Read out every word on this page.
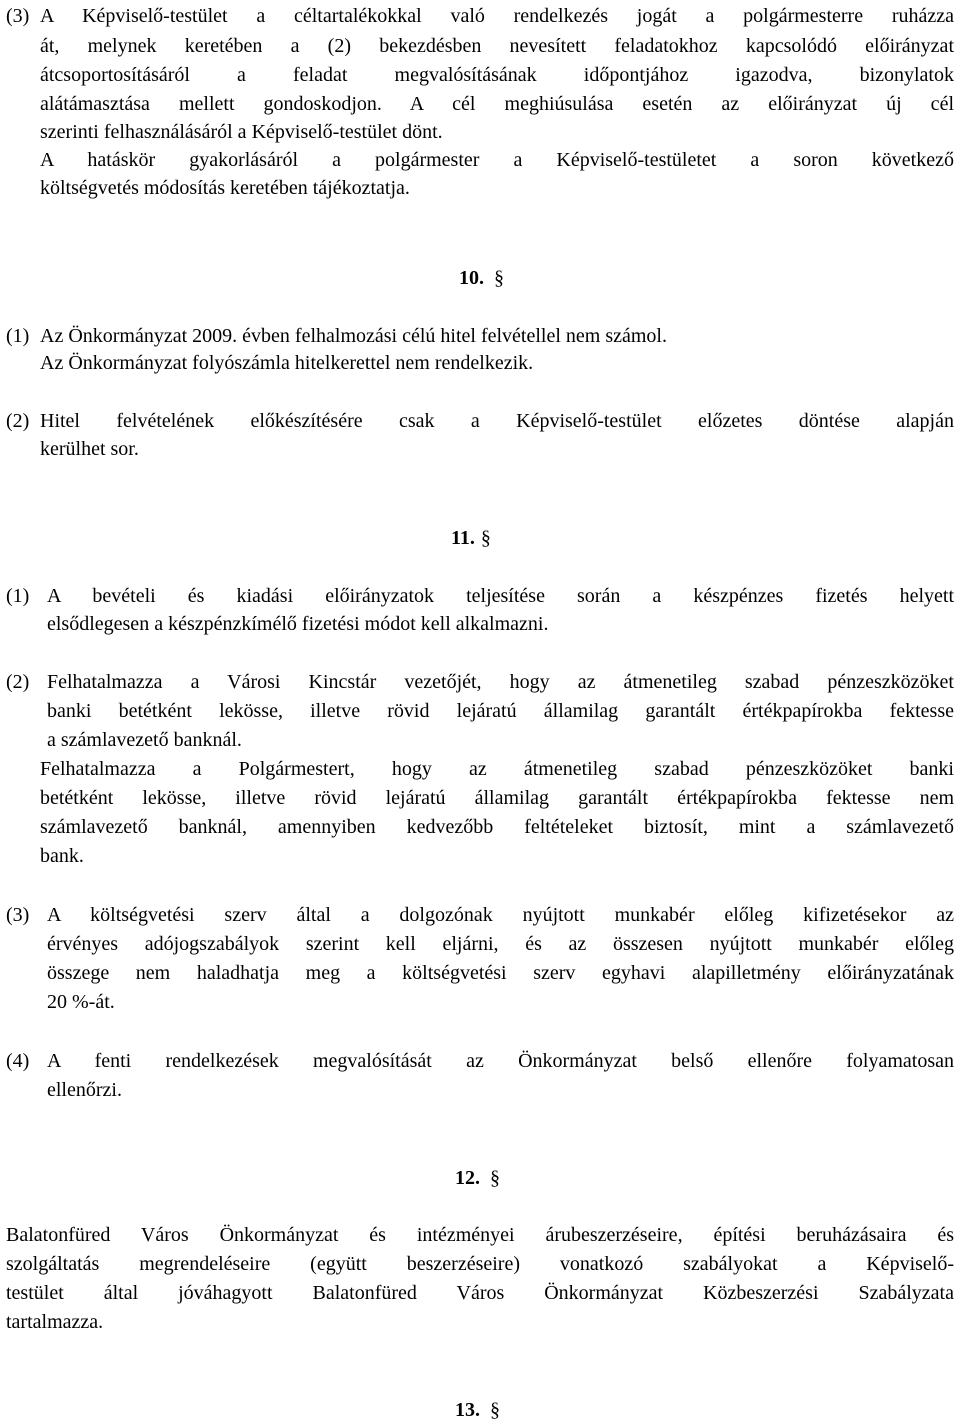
(3) A Képviselő-testület a céltartalékokkal való rendelkezés jogát a polgármesterre ruházza
át, melynek keretében a (2) bekezdésben nevesített feladatokhoz kapcsolódó előirányzat
átcsoportosításáról a feladat megvalósításának időpontjához igazodva, bizonylatok
alátámasztása mellett gondoskodjon. A cél meghiúsulása esetén az előirányzat új cél
szerinti felhasználásáról a Képviselő-testület dönt.
A hatáskör gyakorlásáról a polgármester a Képviselő-testületet a soron következő
költségvetés módosítás keretében tájékoztatja.
10. §
(1) Az Önkormányzat 2009. évben felhalmozási célú hitel felvétellel nem számol.
Az Önkormányzat folyószámla hitelkerettel nem rendelkezik.
(2) Hitel felvételének előkészítésére csak a Képviselő-testület előzetes döntése alapján
kerülhet sor.
11. §
(1) A bevételi és kiadási előirányzatok teljesítése során a készpénzes fizetés helyett
elsődlegesen a készpénzkímélő fizetési módot kell alkalmazni.
(2) Felhatalmazza a Városi Kincstár vezetőjét, hogy az átmenetileg szabad pénzeszközöket
banki betétként lekösse, illetve rövid lejáratú államilag garantált értékpapírokba fektesse
a számlavezető banknál.
Felhatalmazza a Polgármestert, hogy az átmenetileg szabad pénzeszközöket banki
betétként lekösse, illetve rövid lejáratú államilag garantált értékpapírokba fektesse nem
számlavezető banknál, amennyiben kedvezőbb feltételeket biztosít, mint a számlavezető
bank.
(3) A költségvetési szerv által a dolgozónak nyújtott munkabér előleg kifizetésekor az
érvényes adójogszabályok szerint kell eljárni, és az összesen nyújtott munkabér előleg
összege nem haladhatja meg a költségvetési szerv egyhavi alapilletmény előirányzatának
20 %-át.
(4) A fenti rendelkezések megvalósítását az Önkormányzat belső ellenőre folyamatosan
ellenőrzi.
12. §
Balatonfüred Város Önkormányzat és intézményei árubeszerzéseire, építési beruházásaira és
szolgáltatás megrendeléseire (együtt beszerzéseire) vonatkozó szabályokat a Képviselő-
testület által jóváhagyott Balatonfüred Város Önkormányzat Közbeszerzési Szabályzata
tartalmazza.
13. §
